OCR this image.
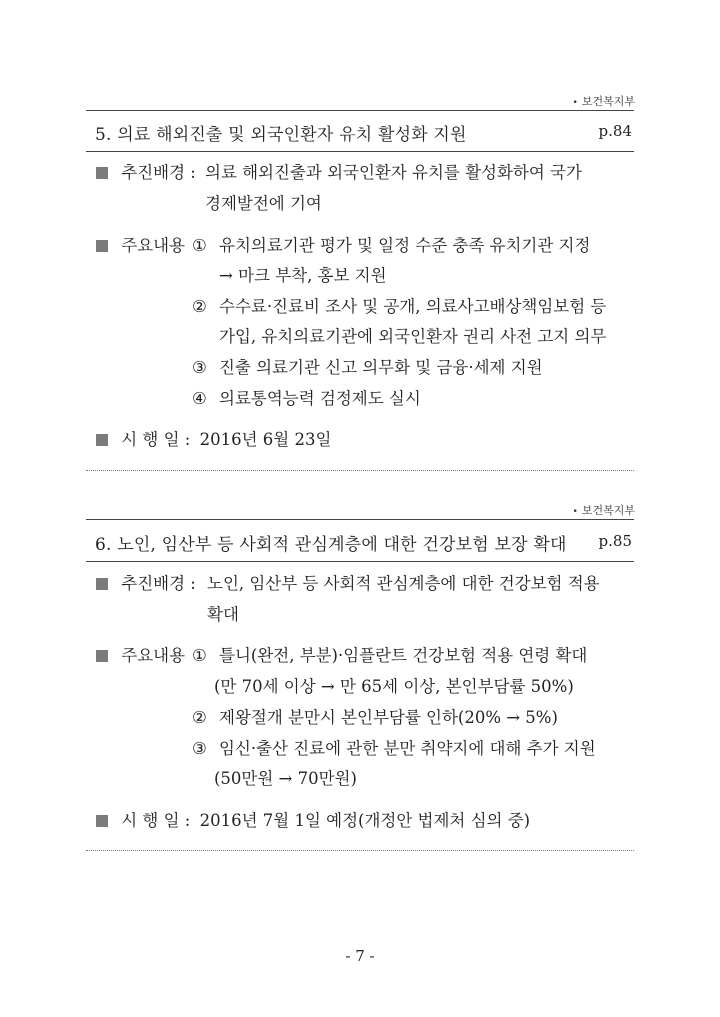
• 보건복지부
5. 의료 해외진출 및 외국인환자 유치 활성화 지원	p.84
추진배경 : 의료 해외진출과 외국인환자 유치를 활성화하여 국가
경제발전에 기여
주요내용 ① 유치의료기관 평가 및 일정 수준 충족 유치기관 지정
→ 마크 부착, 홍보 지원
② 수수료·진료비 조사 및 공개, 의료사고배상책임보험 등
가입, 유치의료기관에 외국인환자 권리 사전 고지 의무
③ 진출 의료기관 신고 의무화 및 금융·세제 지원
④ 의료통역능력 검정제도 실시
시 행 일 : 2016년 6월 23일
• 보건복지부
6. 노인, 임산부 등 사회적 관심계층에 대한 건강보험 보장 확대 p.85
추진배경 : 노인, 임산부 등 사회적 관심계층에 대한 건강보험 적용
확대
주요내용 ① 틀니(완전, 부분)·임플란트 건강보험 적용 연령 확대
(만 70세 이상 → 만 65세 이상, 본인부담률 50%)
② 제왕절개 분만시 본인부담률 인하(20% → 5%)
③ 임신·출산 진료에 관한 분만 취약지에 대해 추가 지원
(50만원 → 70만원)
시 행 일 : 2016년 7월 1일 예정(개정안 법제처 심의 중)
- 7 -
